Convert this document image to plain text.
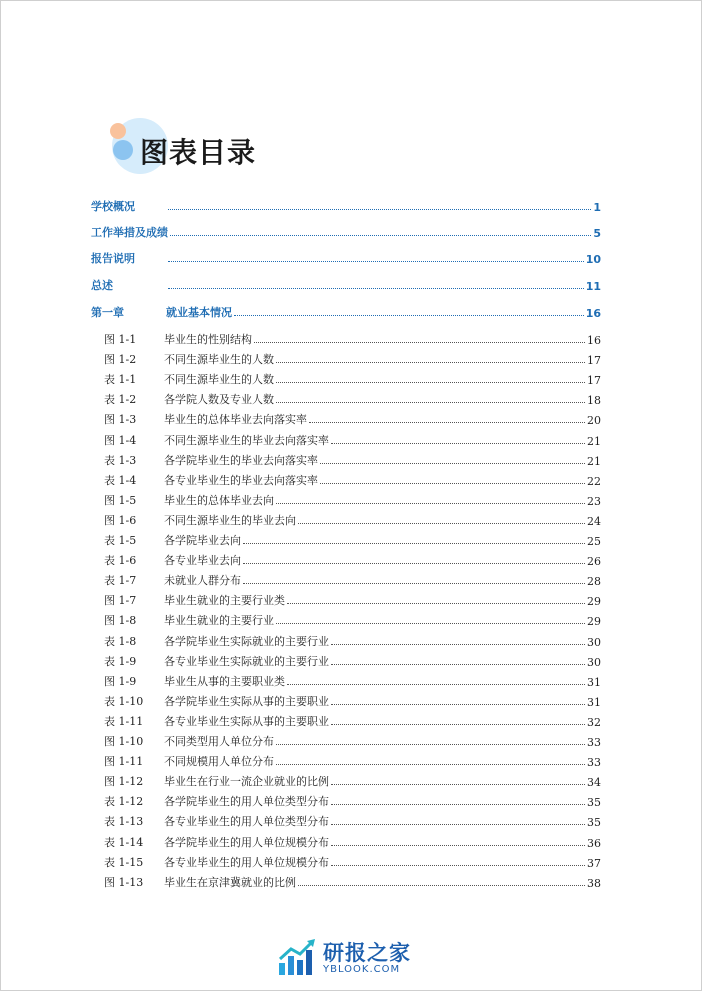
图表目录
学校概况	1
工作举措及成绩	5
报告说明	10
总述	11
第一章	就业基本情况	16
图 1-1	毕业生的性别结构	16
图 1-2	不同生源毕业生的人数	17
表 1-1	不同生源毕业生的人数	17
表 1-2	各学院人数及专业人数	18
图 1-3	毕业生的总体毕业去向落实率	20
图 1-4	不同生源毕业生的毕业去向落实率	21
表 1-3	各学院毕业生的毕业去向落实率	21
表 1-4	各专业毕业生的毕业去向落实率	22
图 1-5	毕业生的总体毕业去向	23
图 1-6	不同生源毕业生的毕业去向	24
表 1-5	各学院毕业去向	25
表 1-6	各专业毕业去向	26
表 1-7	未就业人群分布	28
图 1-7	毕业生就业的主要行业类	29
图 1-8	毕业生就业的主要行业	29
表 1-8	各学院毕业生实际就业的主要行业	30
表 1-9	各专业毕业生实际就业的主要行业	30
图 1-9	毕业生从事的主要职业类	31
表 1-10	各学院毕业生实际从事的主要职业	31
表 1-11	各专业毕业生实际从事的主要职业	32
图 1-10	不同类型用人单位分布	33
图 1-11	不同规模用人单位分布	33
图 1-12	毕业生在行业一流企业就业的比例	34
表 1-12	各学院毕业生的用人单位类型分布	35
表 1-13	各专业毕业生的用人单位类型分布	35
表 1-14	各学院毕业生的用人单位规模分布	36
表 1-15	各专业毕业生的用人单位规模分布	37
图 1-13	毕业生在京津冀就业的比例	38
研报之家
YBLOOK.COM
